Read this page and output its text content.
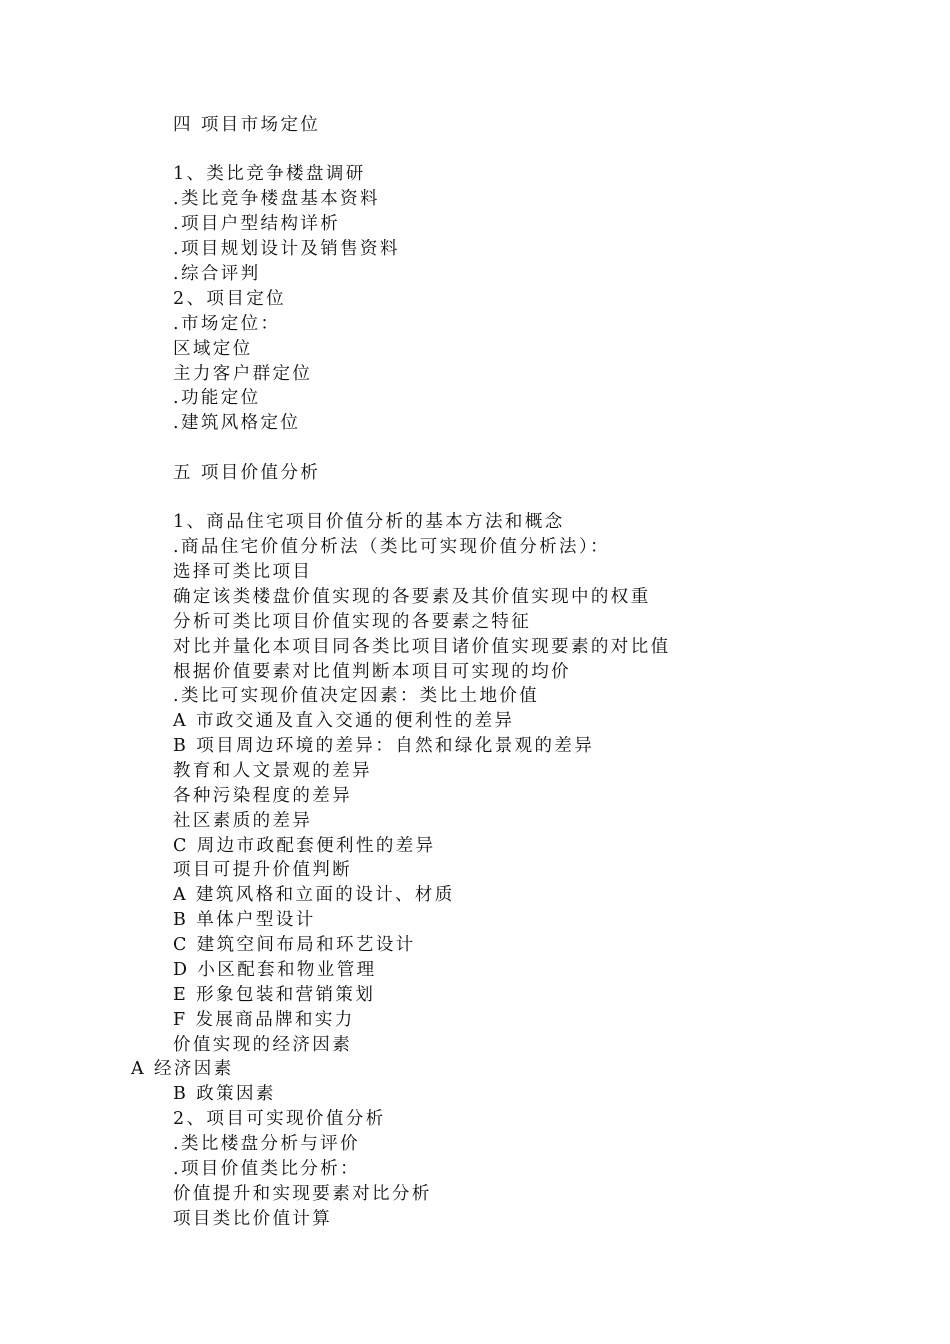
四 项目市场定位
1、类比竞争楼盘调研
.类比竞争楼盘基本资料
.项目户型结构详析
.项目规划设计及销售资料
.综合评判
2、项目定位
.市场定位：
区域定位
主力客户群定位
.功能定位
.建筑风格定位
五 项目价值分析
1、商品住宅项目价值分析的基本方法和概念
.商品住宅价值分析法（类比可实现价值分析法）：
选择可类比项目
确定该类楼盘价值实现的各要素及其价值实现中的权重
分析可类比项目价值实现的各要素之特征
对比并量化本项目同各类比项目诸价值实现要素的对比值
根据价值要素对比值判断本项目可实现的均价
.类比可实现价值决定因素：类比土地价值
A 市政交通及直入交通的便利性的差异
B 项目周边环境的差异：自然和绿化景观的差异
教育和人文景观的差异
各种污染程度的差异
社区素质的差异
C 周边市政配套便利性的差异
项目可提升价值判断
A 建筑风格和立面的设计、材质
B 单体户型设计
C 建筑空间布局和环艺设计
D 小区配套和物业管理
E 形象包装和营销策划
F 发展商品牌和实力
价值实现的经济因素
A 经济因素
B 政策因素
2、项目可实现价值分析
.类比楼盘分析与评价
.项目价值类比分析：
价值提升和实现要素对比分析
项目类比价值计算
